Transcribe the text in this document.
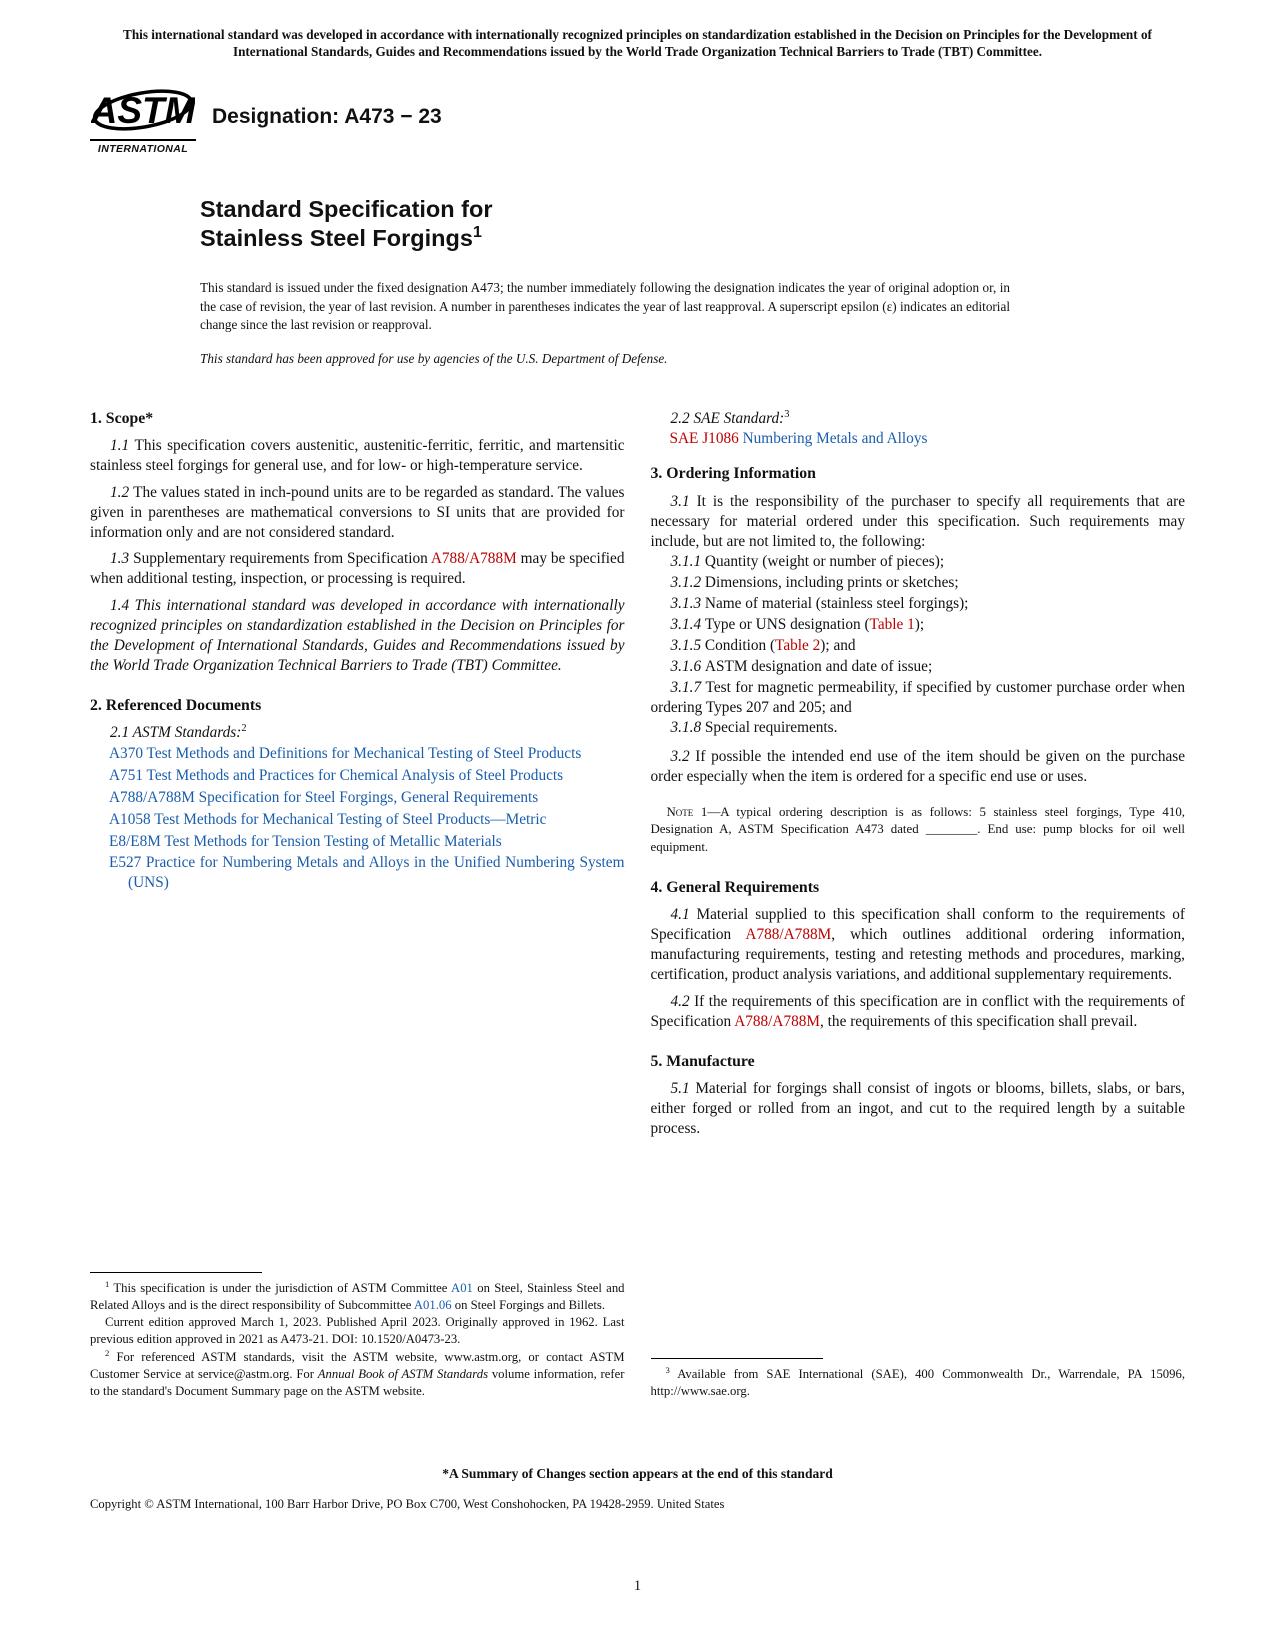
This international standard was developed in accordance with internationally recognized principles on standardization established in the Decision on Principles for the Development of International Standards, Guides and Recommendations issued by the World Trade Organization Technical Barriers to Trade (TBT) Committee.

ASTM
INTERNATIONAL
Designation: A473 − 23
Standard Specification for
Stainless Steel Forgings$^1$

This standard is issued under the fixed designation A473; the number immediately following the designation indicates the year of original adoption or, in the case of revision, the year of last revision. A number in parentheses indicates the year of last reapproval. A superscript epsilon (ε) indicates an editorial change since the last revision or reapproval.

This standard has been approved for use by agencies of the U.S. Department of Defense.

1. Scope*

1.1 This specification covers austenitic, austenitic-ferritic, ferritic, and martensitic stainless steel forgings for general use, and for low- or high-temperature service.

1.2 The values stated in inch-pound units are to be regarded as standard. The values given in parentheses are mathematical conversions to SI units that are provided for information only and are not considered standard.

1.3 Supplementary requirements from Specification A788/A788M may be specified when additional testing, inspection, or processing is required.

1.4 This international standard was developed in accordance with internationally recognized principles on standardization established in the Decision on Principles for the Development of International Standards, Guides and Recommendations issued by the World Trade Organization Technical Barriers to Trade (TBT) Committee.

2. Referenced Documents

2.1 ASTM Standards:$^2$

A370 Test Methods and Definitions for Mechanical Testing of Steel Products

A751 Test Methods and Practices for Chemical Analysis of Steel Products

A788/A788M Specification for Steel Forgings, General Requirements

A1058 Test Methods for Mechanical Testing of Steel Products—Metric

E8/E8M Test Methods for Tension Testing of Metallic Materials

E527 Practice for Numbering Metals and Alloys in the Unified Numbering System (UNS)

$^1$ This specification is under the jurisdiction of ASTM Committee A01 on Steel, Stainless Steel and Related Alloys and is the direct responsibility of Subcommittee A01.06 on Steel Forgings and Billets.

Current edition approved March 1, 2023. Published April 2023. Originally approved in 1962. Last previous edition approved in 2021 as A473-21. DOI: 10.1520/A0473-23.

$^2$ For referenced ASTM standards, visit the ASTM website, www.astm.org, or contact ASTM Customer Service at service@astm.org. For Annual Book of ASTM Standards volume information, refer to the standard's Document Summary page on the ASTM website.

2.2 SAE Standard:$^3$

SAE J1086 Numbering Metals and Alloys

3. Ordering Information

3.1 It is the responsibility of the purchaser to specify all requirements that are necessary for material ordered under this specification. Such requirements may include, but are not limited to, the following:

3.1.1 Quantity (weight or number of pieces);

3.1.2 Dimensions, including prints or sketches;

3.1.3 Name of material (stainless steel forgings);

3.1.4 Type or UNS designation (Table 1);

3.1.5 Condition (Table 2); and

3.1.6 ASTM designation and date of issue;

3.1.7 Test for magnetic permeability, if specified by customer purchase order when ordering Types 207 and 205; and

3.1.8 Special requirements.

3.2 If possible the intended end use of the item should be given on the purchase order especially when the item is ordered for a specific end use or uses.

Note 1—A typical ordering description is as follows: 5 stainless steel forgings, Type 410, Designation A, ASTM Specification A473 dated ________. End use: pump blocks for oil well equipment.

4. General Requirements

4.1 Material supplied to this specification shall conform to the requirements of Specification A788/A788M, which outlines additional ordering information, manufacturing requirements, testing and retesting methods and procedures, marking, certification, product analysis variations, and additional supplementary requirements.

4.2 If the requirements of this specification are in conflict with the requirements of Specification A788/A788M, the requirements of this specification shall prevail.

5. Manufacture

5.1 Material for forgings shall consist of ingots or blooms, billets, slabs, or bars, either forged or rolled from an ingot, and cut to the required length by a suitable process.

$^3$ Available from SAE International (SAE), 400 Commonwealth Dr., Warrendale, PA 15096, http://www.sae.org.

*A Summary of Changes section appears at the end of this standard

Copyright © ASTM International, 100 Barr Harbor Drive, PO Box C700, West Conshohocken, PA 19428-2959. United States

1
